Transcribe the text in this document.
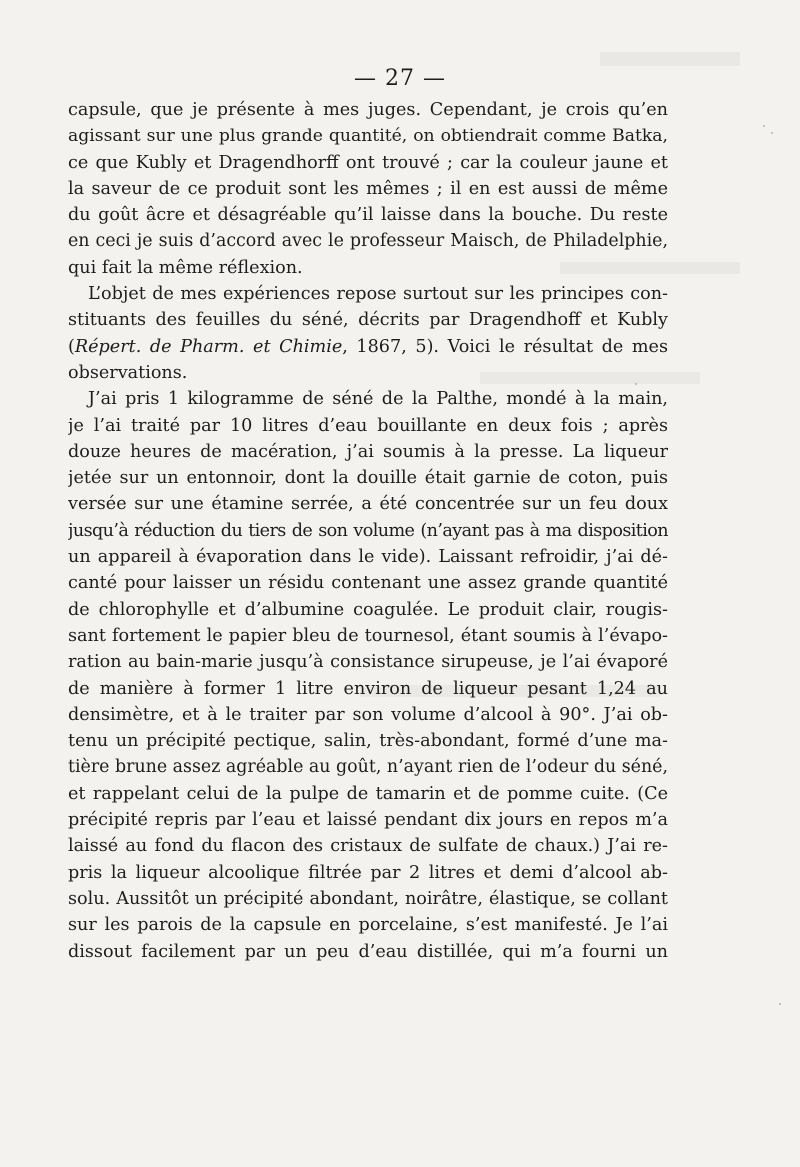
— 27 —
capsule, que je présente à mes juges. Cependant, je crois qu’en
agissant sur une plus grande quantité, on obtiendrait comme Batka,
ce que Kubly et Dragendhorff ont trouvé ; car la couleur jaune et
la saveur de ce produit sont les mêmes ; il en est aussi de même
du goût âcre et désagréable qu’il laisse dans la bouche. Du reste
en ceci je suis d’accord avec le professeur Maisch, de Philadelphie,
qui fait la même réflexion.
L’objet de mes expériences repose surtout sur les principes con-
stituants des feuilles du séné, décrits par Dragendhoff et Kubly
(Répert. de Pharm. et Chimie, 1867, 5). Voici le résultat de mes
observations.
J’ai pris 1 kilogramme de séné de la Palthe, mondé à la main,
je l’ai traité par 10 litres d’eau bouillante en deux fois ; après
douze heures de macération, j’ai soumis à la presse. La liqueur
jetée sur un entonnoir, dont la douille était garnie de coton, puis
versée sur une étamine serrée, a été concentrée sur un feu doux
jusqu’à réduction du tiers de son volume (n’ayant pas à ma disposition
un appareil à évaporation dans le vide). Laissant refroidir, j’ai dé-
canté pour laisser un résidu contenant une assez grande quantité
de chlorophylle et d’albumine coagulée. Le produit clair, rougis-
sant fortement le papier bleu de tournesol, étant soumis à l’évapo-
ration au bain-marie jusqu’à consistance sirupeuse, je l’ai évaporé
de manière à former 1 litre environ de liqueur pesant 1,24 au
densimètre, et à le traiter par son volume d’alcool à 90°. J’ai ob-
tenu un précipité pectique, salin, très-abondant, formé d’une ma-
tière brune assez agréable au goût, n’ayant rien de l’odeur du séné,
et rappelant celui de la pulpe de tamarin et de pomme cuite. (Ce
précipité repris par l’eau et laissé pendant dix jours en repos m’a
laissé au fond du flacon des cristaux de sulfate de chaux.) J’ai re-
pris la liqueur alcoolique filtrée par 2 litres et demi d’alcool ab-
solu. Aussitôt un précipité abondant, noirâtre, élastique, se collant
sur les parois de la capsule en porcelaine, s’est manifesté. Je l’ai
dissout facilement par un peu d’eau distillée, qui m’a fourni un
